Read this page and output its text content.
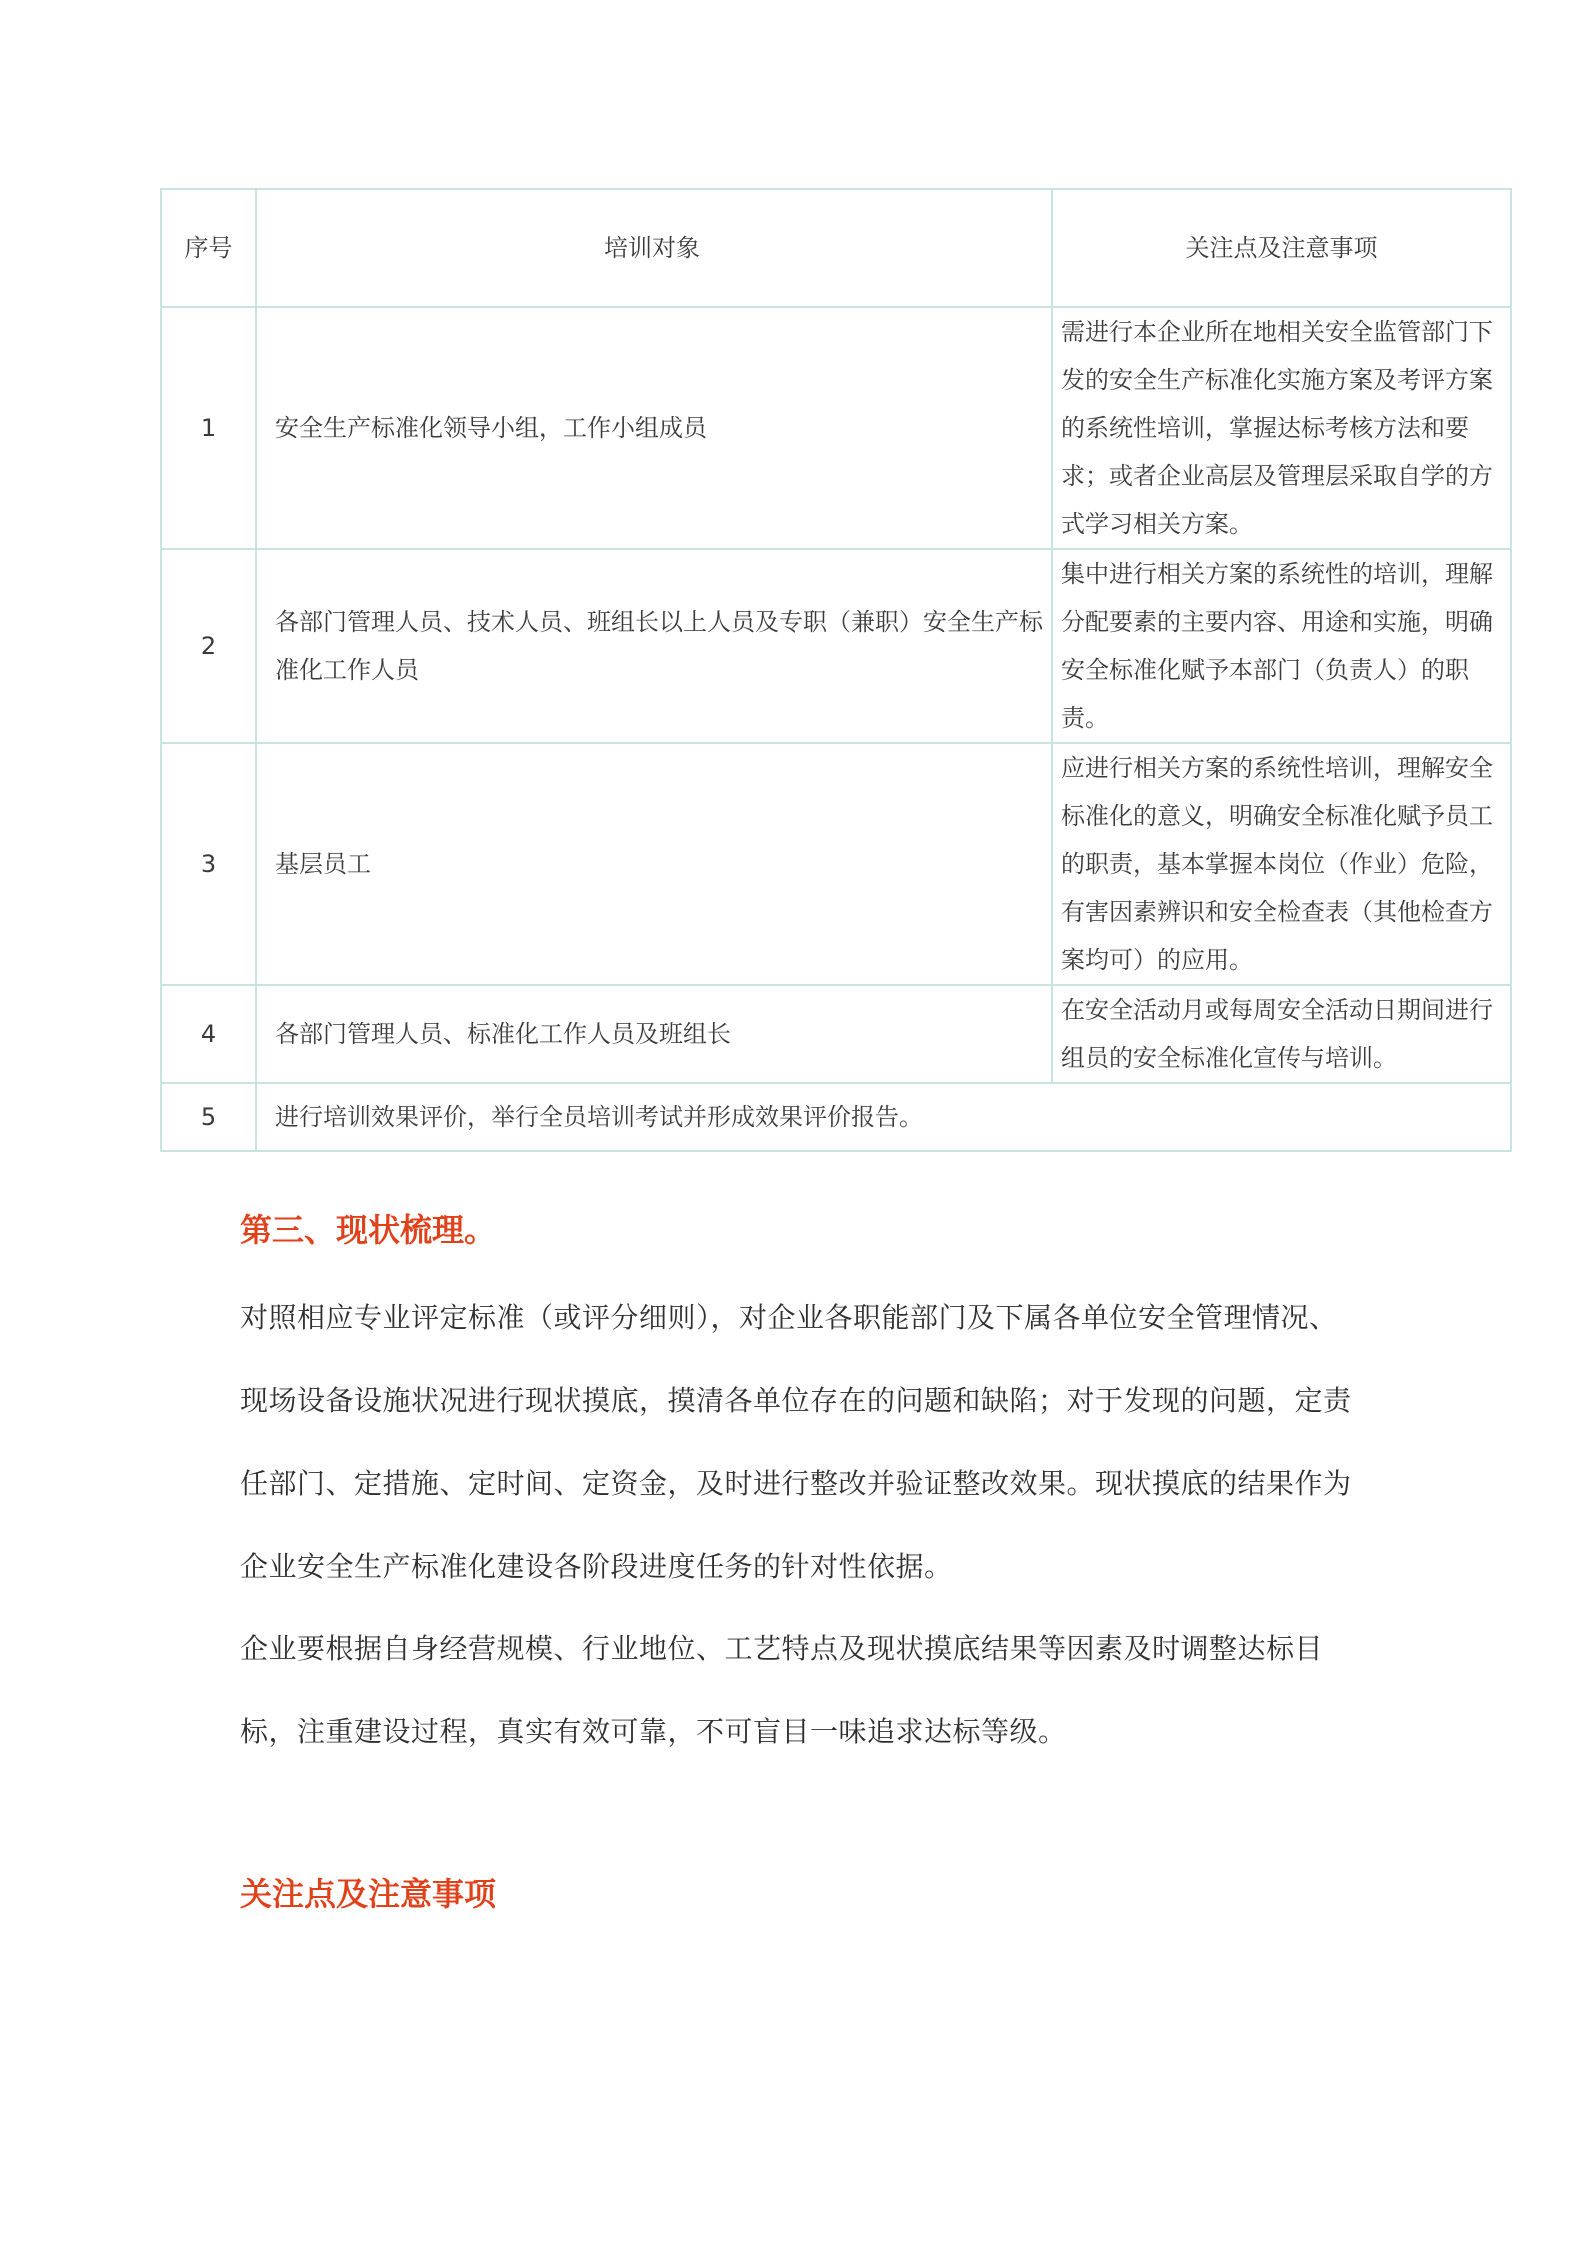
序号	培训对象	关注点及注意事项
1	安全生产标准化领导小组，工作小组成员	需进行本企业所在地相关安全监管部门下发的安全生产标准化实施方案及考评方案的系统性培训，掌握达标考核方法和要求；或者企业高层及管理层采取自学的方式学习相关方案。
2	各部门管理人员、技术人员、班组长以上人员及专职（兼职）安全生产标准化工作人员	集中进行相关方案的系统性的培训，理解分配要素的主要内容、用途和实施，明确安全标准化赋予本部门（负责人）的职责。
3	基层员工	应进行相关方案的系统性培训，理解安全标准化的意义，明确安全标准化赋予员工的职责，基本掌握本岗位（作业）危险，有害因素辨识和安全检查表（其他检查方案均可）的应用。
4	各部门管理人员、标准化工作人员及班组长	在安全活动月或每周安全活动日期间进行组员的安全标准化宣传与培训。
5	进行培训效果评价，举行全员培训考试并形成效果评价报告。	
第三、现状梳理。

对照相应专业评定标准（或评分细则），对企业各职能部门及下属各单位安全管理情况、现场设备设施状况进行现状摸底，摸清各单位存在的问题和缺陷；对于发现的问题，定责任部门、定措施、定时间、定资金，及时进行整改并验证整改效果。现状摸底的结果作为企业安全生产标准化建设各阶段进度任务的针对性依据。

企业要根据自身经营规模、行业地位、工艺特点及现状摸底结果等因素及时调整达标目标，注重建设过程，真实有效可靠，不可盲目一味追求达标等级。

关注点及注意事项
